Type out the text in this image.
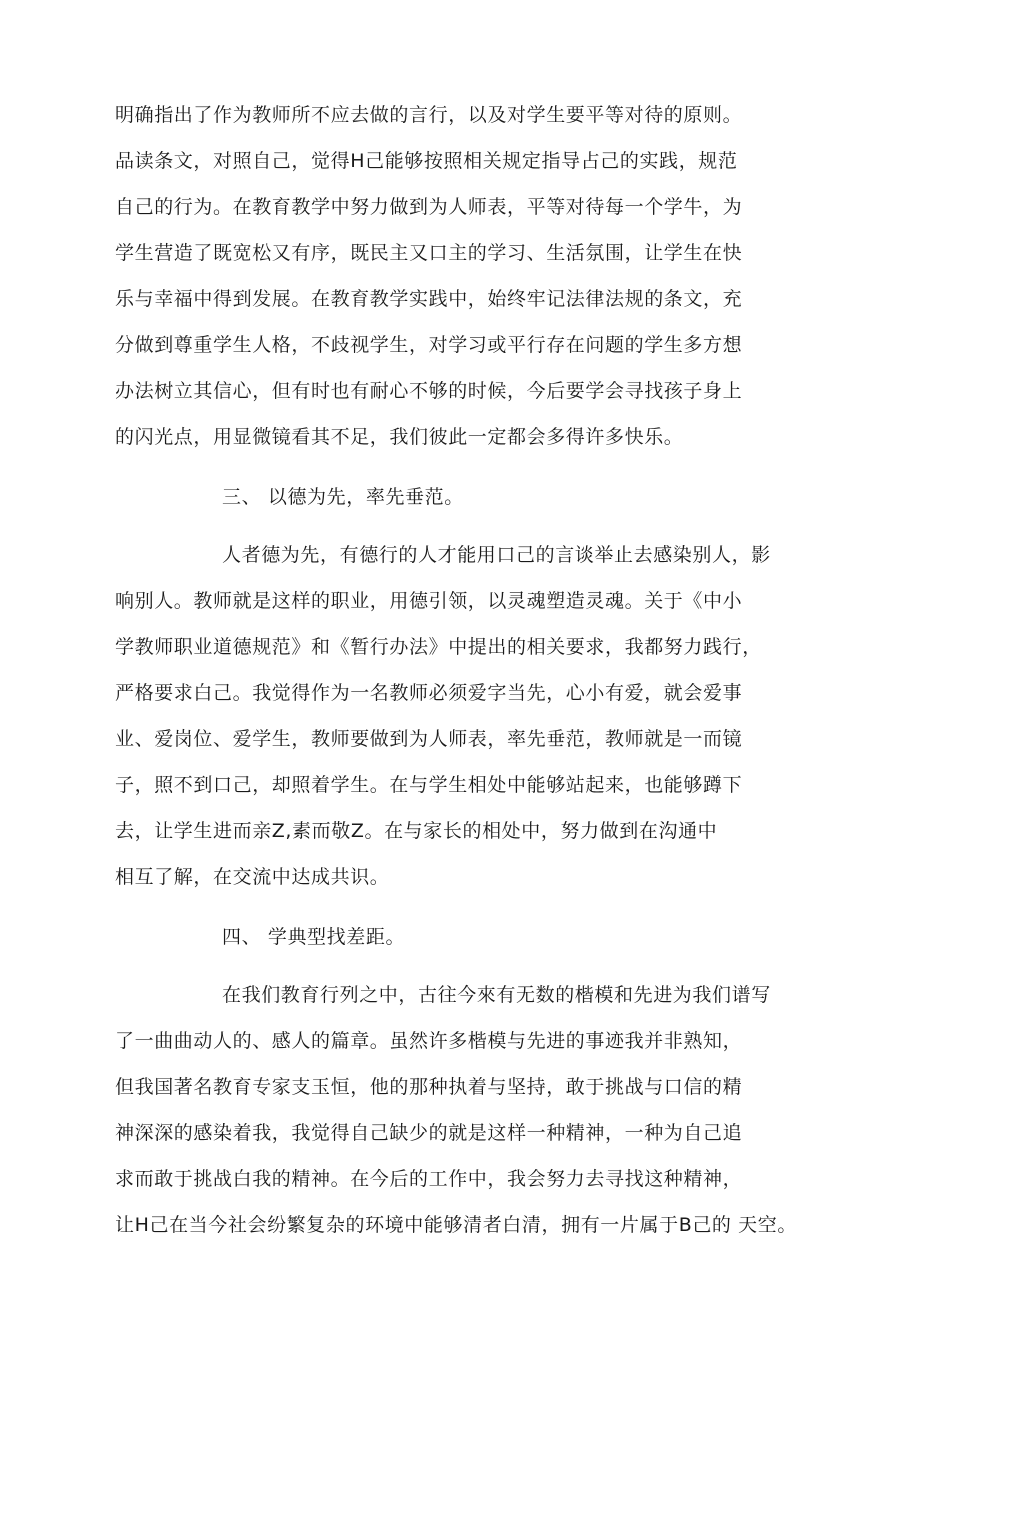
明确指出了作为教师所不应去做的言行，以及对学生要平等对待的原则。
品读条文，对照自己，觉得H己能够按照相关规定指导占己的实践，规范
自己的行为。在教育教学中努力做到为人师表，平等对待每一个学牛，为
学生营造了既宽松又有序，既民主又口主的学习、生活氛围，让学生在快
乐与幸福中得到发展。在教育教学实践中，始终牢记法律法规的条文，充
分做到尊重学生人格，不歧视学生，对学习或平行存在问题的学生多方想
办法树立其信心，但有时也有耐心不够的时候，今后要学会寻找孩子身上
的闪光点，用显微镜看其不足，我们彼此一定都会多得许多快乐。
三、 以德为先，率先垂范。
人者德为先，有德行的人才能用口己的言谈举止去感染别人，影
响别人。教师就是这样的职业，用德引领，以灵魂塑造灵魂。关于《中小
学教师职业道德规范》和《暂行办法》中提出的相关要求，我都努力践行，
严格要求白己。我觉得作为一名教师必须爱字当先，心小有爱，就会爱事
业、爱岗位、爱学生，教师要做到为人师表，率先垂范，教师就是一而镜
子，照不到口己，却照着学生。在与学生相处中能够站起来，也能够蹲下
去，让学生进而亲Z,素而敬Z。在与家长的相处中，努力做到在沟通中
相互了解，在交流中达成共识。
四、 学典型找差距。
在我们教育行列之中，古往今來有无数的楷模和先进为我们谱写
了一曲曲动人的、感人的篇章。虽然许多楷模与先进的事迹我并非熟知，
但我国著名教育专家支玉恒，他的那种执着与坚持，敢于挑战与口信的精
神深深的感染着我，我觉得自己缺少的就是这样一种精神，一种为自己追
求而敢于挑战白我的精神。在今后的工作中，我会努力去寻找这种精神，
让H己在当今社会纷繁复杂的环境中能够清者白清，拥有一片属于B己的 天空。
